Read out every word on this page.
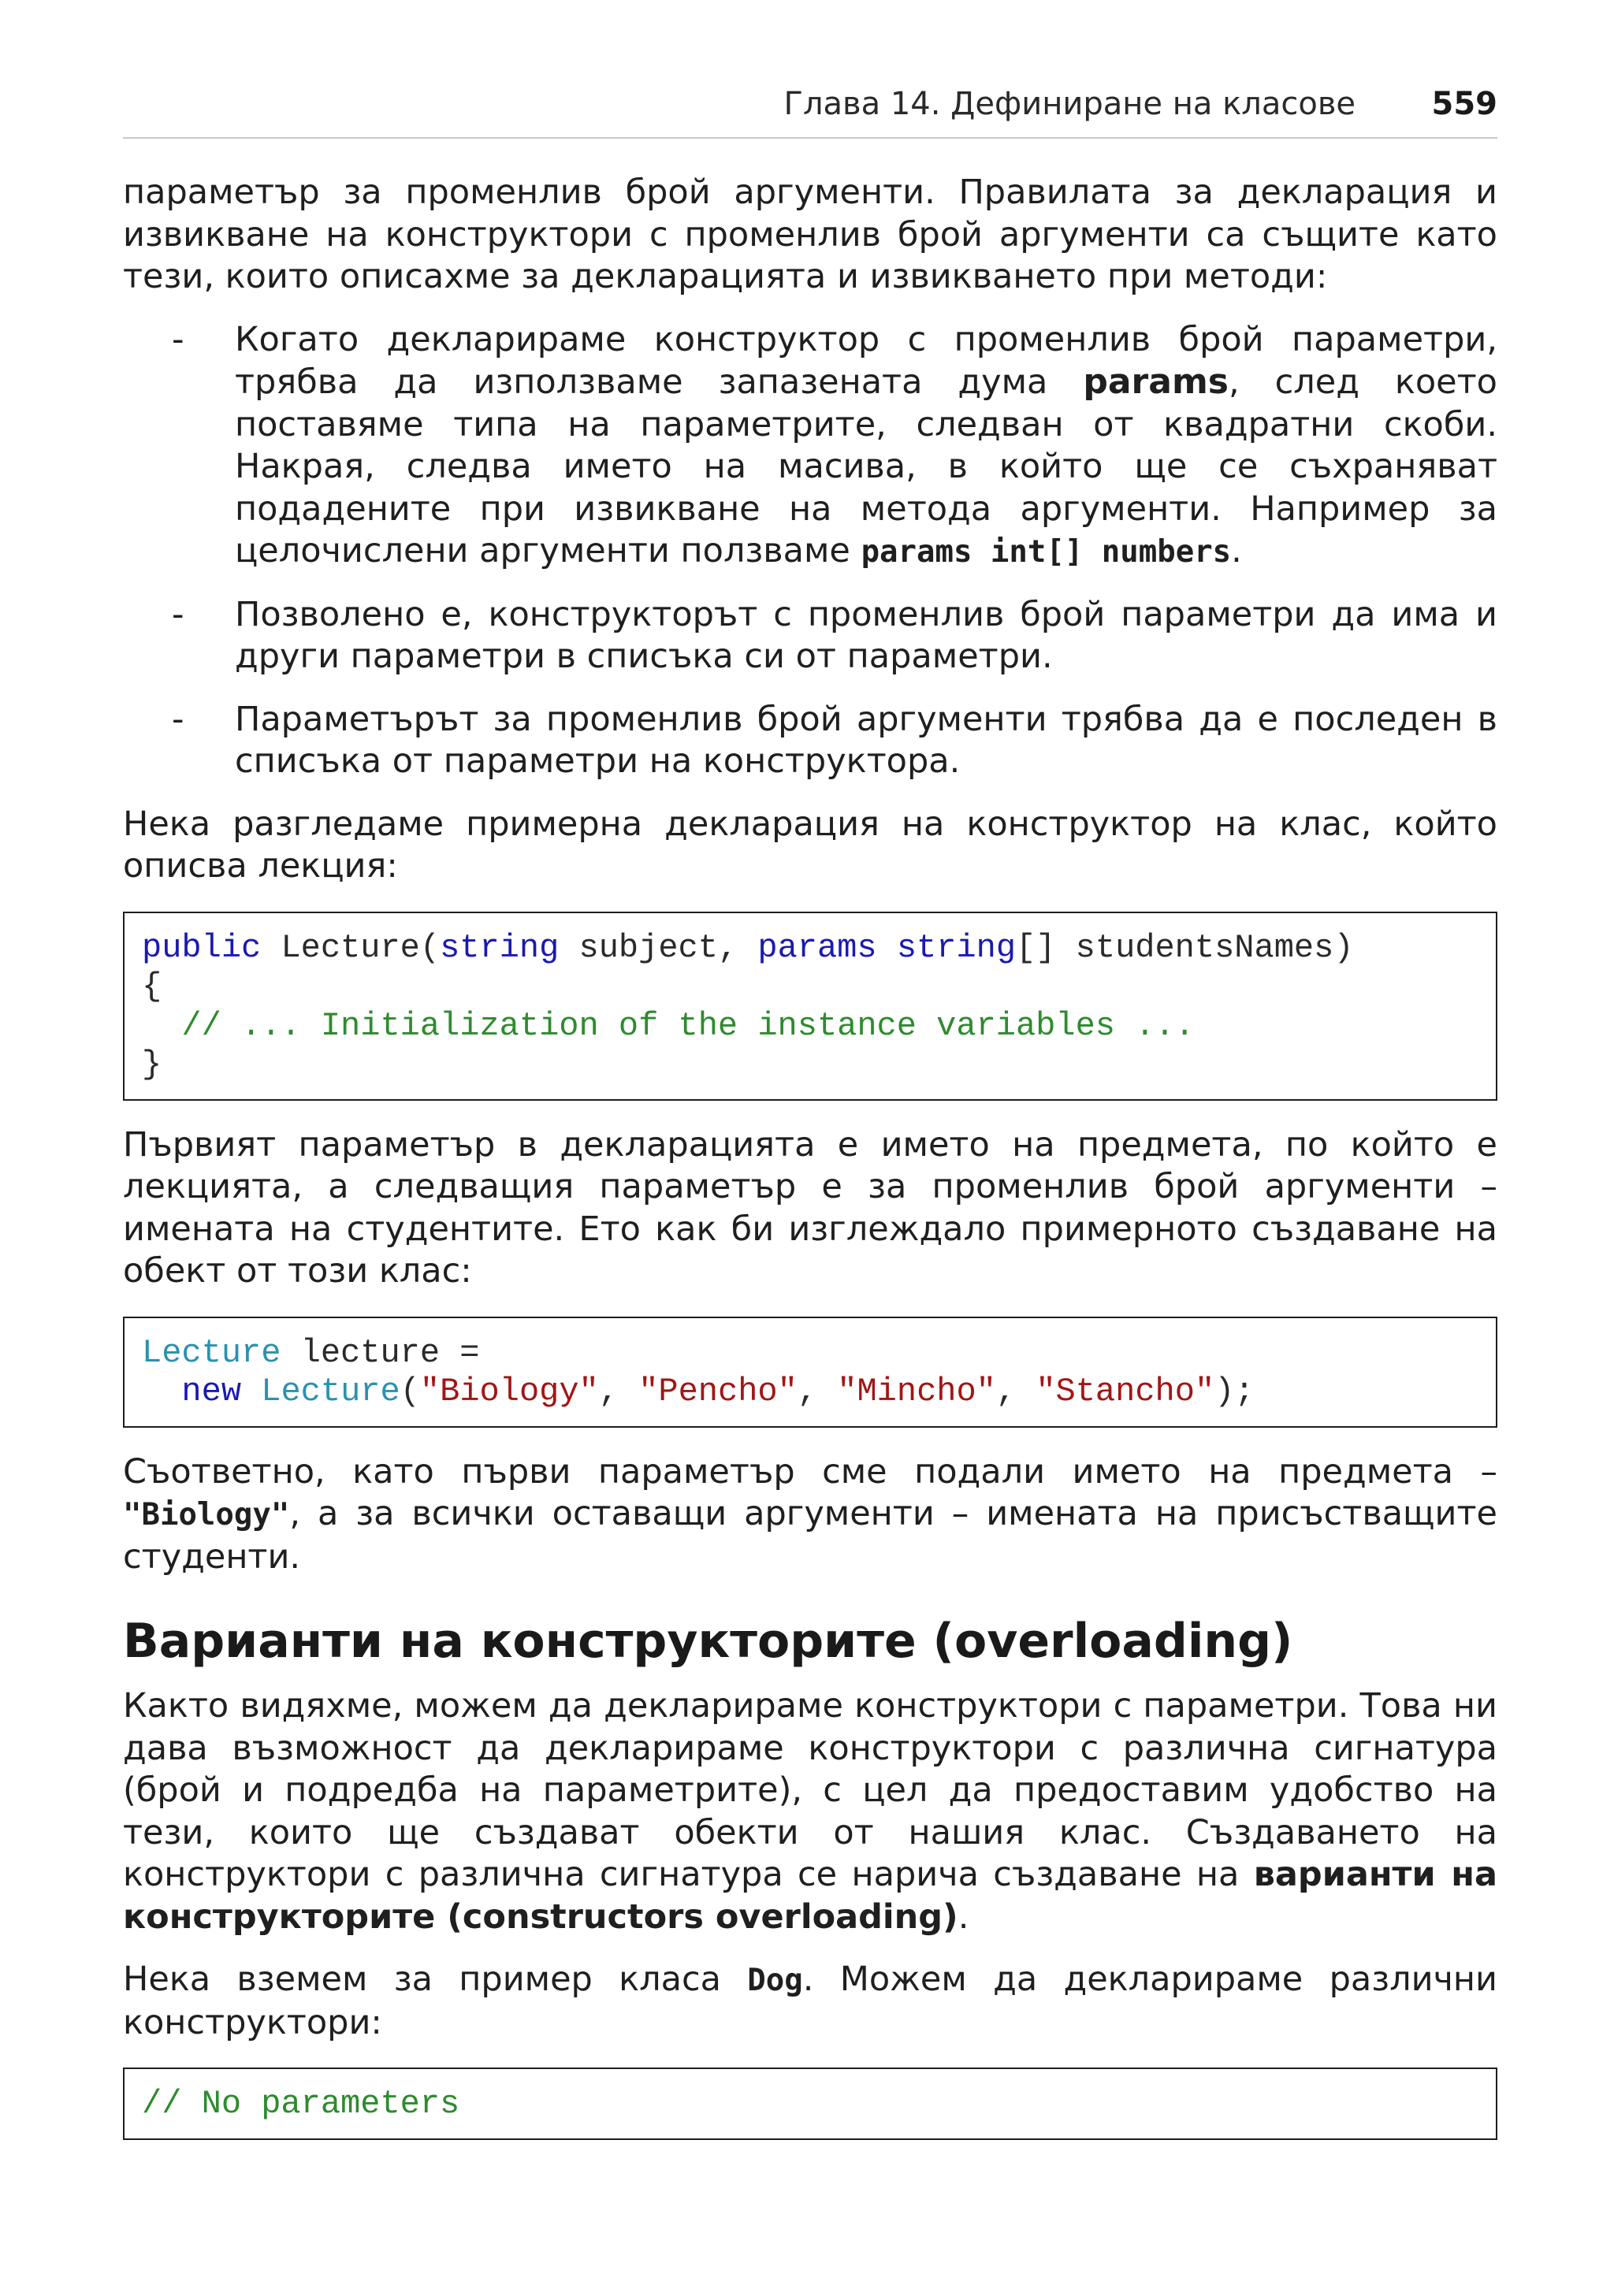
Глава 14. Дефиниране на класове 559

параметър за променлив брой аргументи. Правилата за декларация и извикване на конструктори с променлив брой аргументи са същите като тези, които описахме за декларацията и извикването при методи:

- Когато декларираме конструктор с променлив брой параметри, трябва да използваме запазената дума params, след което поставяме типа на параметрите, следван от квадратни скоби. Накрая, следва името на масива, в който ще се съхраняват подадените при извикване на метода аргументи. Например за целочислени аргументи ползваме params int[] numbers.
- Позволено е, конструкторът с променлив брой параметри да има и други параметри в списъка си от параметри.
- Параметърът за променлив брой аргументи трябва да е последен в списъка от параметри на конструктора.

Нека разгледаме примерна декларация на конструктор на клас, който описва лекция:

public Lecture(string subject, params string[] studentsNames)
{
// ... Initialization of the instance variables ...
}

Първият параметър в декларацията е името на предмета, по който е лекцията, а следващия параметър е за променлив брой аргументи – имената на студентите. Ето как би изглеждало примерното създаване на обект от този клас:

Lecture lecture =
new Lecture("Biology", "Pencho", "Mincho", "Stancho");

Съответно, като първи параметър сме подали името на предмета – "Biology", а за всички оставащи аргументи – имената на присъстващите студенти.

Варианти на конструкторите (overloading)

Както видяхме, можем да декларираме конструктори с параметри. Това ни дава възможност да декларираме конструктори с различна сигнатура (брой и подредба на параметрите), с цел да предоставим удобство на тези, които ще създават обекти от нашия клас. Създаването на конструктори с различна сигнатура се нарича създаване на варианти на конструкторите (constructors overloading).

Нека вземем за пример класа Dog. Можем да декларираме различни конструктори:

// No parameters
